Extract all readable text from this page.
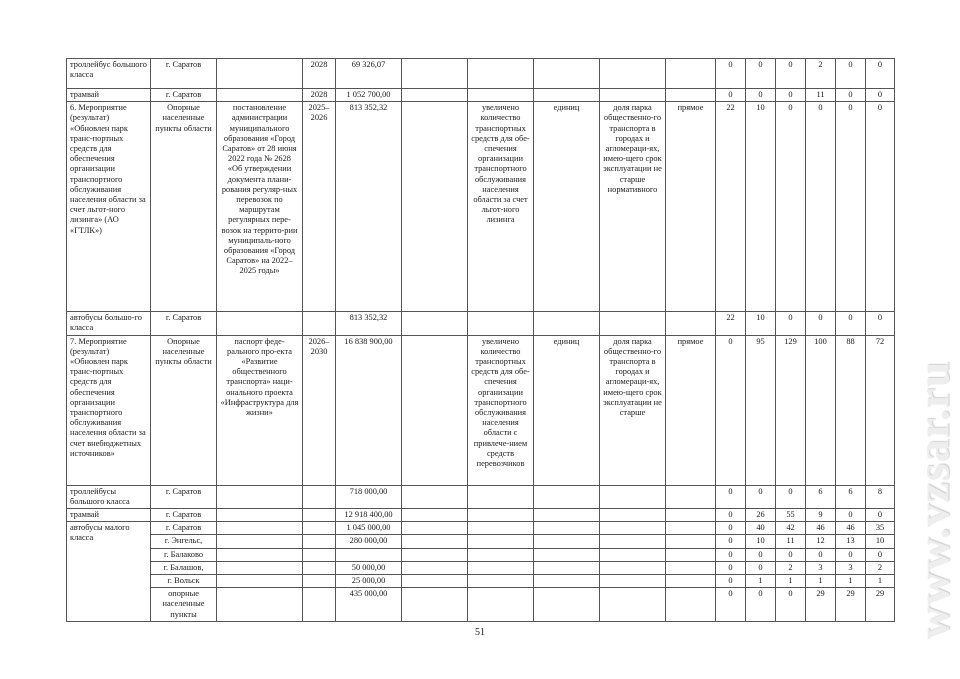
троллейбус большого класса	г. Саратов		2028	69 326,07						0	0	0	2	0	0
трамвай	г. Саратов		2028	1 052 700,00						0	0	0	11	0	0
6. Мероприятие (результат) «Обновлен парк транс-портных средств для обеспечения организации транспортного обслуживания населения области за счет льгот-ного лизинга» (АО «ГТЛК»)	Опорные населенные пункты области	постановление администрации муниципального образования «Город Саратов» от 28 июня 2022 года № 2628 «Об утверждении документа плани-рования регуляр-ных перевозок по маршрутам регулярных пере-возок на террито-рии муниципаль-ного образования «Город Саратов» на 2022–2025 годы»	2025–2026	813 352,32		увеличено количество транспортных средств для обе-спечения организации транспортного обслуживания населения области за счет льгот-ного лизинга	единиц	доля парка общественно-го транспорта в городах и агломераци-ях, имею-щего срок эксплуатации не старше нормативного	прямое	22	10	0	0	0	0
автобусы большо-го класса	г. Саратов			813 352,32						22	10	0	0	0	0
7. Мероприятие (результат) «Обновлен парк транс-портных средств для обеспечения организации транспортного обслуживания населения области за счет внебюджетных источников»	Опорные населенные пункты области	паспорт феде-рального про-екта «Развитие общественного транспорта» наци-онального проекта «Инфраструктура для жизни»	2026–2030	16 838 900,00		увеличено количество транспортных средств для обе-спечения организации транспортного обслуживания населения области с привлече-нием средств перевозчиков	единиц	доля парка общественно-го транспорта в городах и агломераци-ях, имею-щего срок эксплуатации не старше	прямое	0	95	129	100	88	72
троллейбусы большого класса	г. Саратов			718 000,00						0	0	0	6	6	8
трамвай	г. Саратов			12 918 400,00						0	26	55	9	0	0
автобусы малого класса	г. Саратов			1 045 000,00						0	40	42	46	46	35
	г. Энгельс,			280 000,00						0	10	11	12	13	10
	г. Балаково									0	0	0	0	0	0
	г. Балашов,			50 000,00						0	0	2	3	3	2
	г. Вольск			25 000,00						0	1	1	1	1	1
	опорные населенные пункты			435 000,00						0	0	0	29	29	29
51	www.vzsar.ru
